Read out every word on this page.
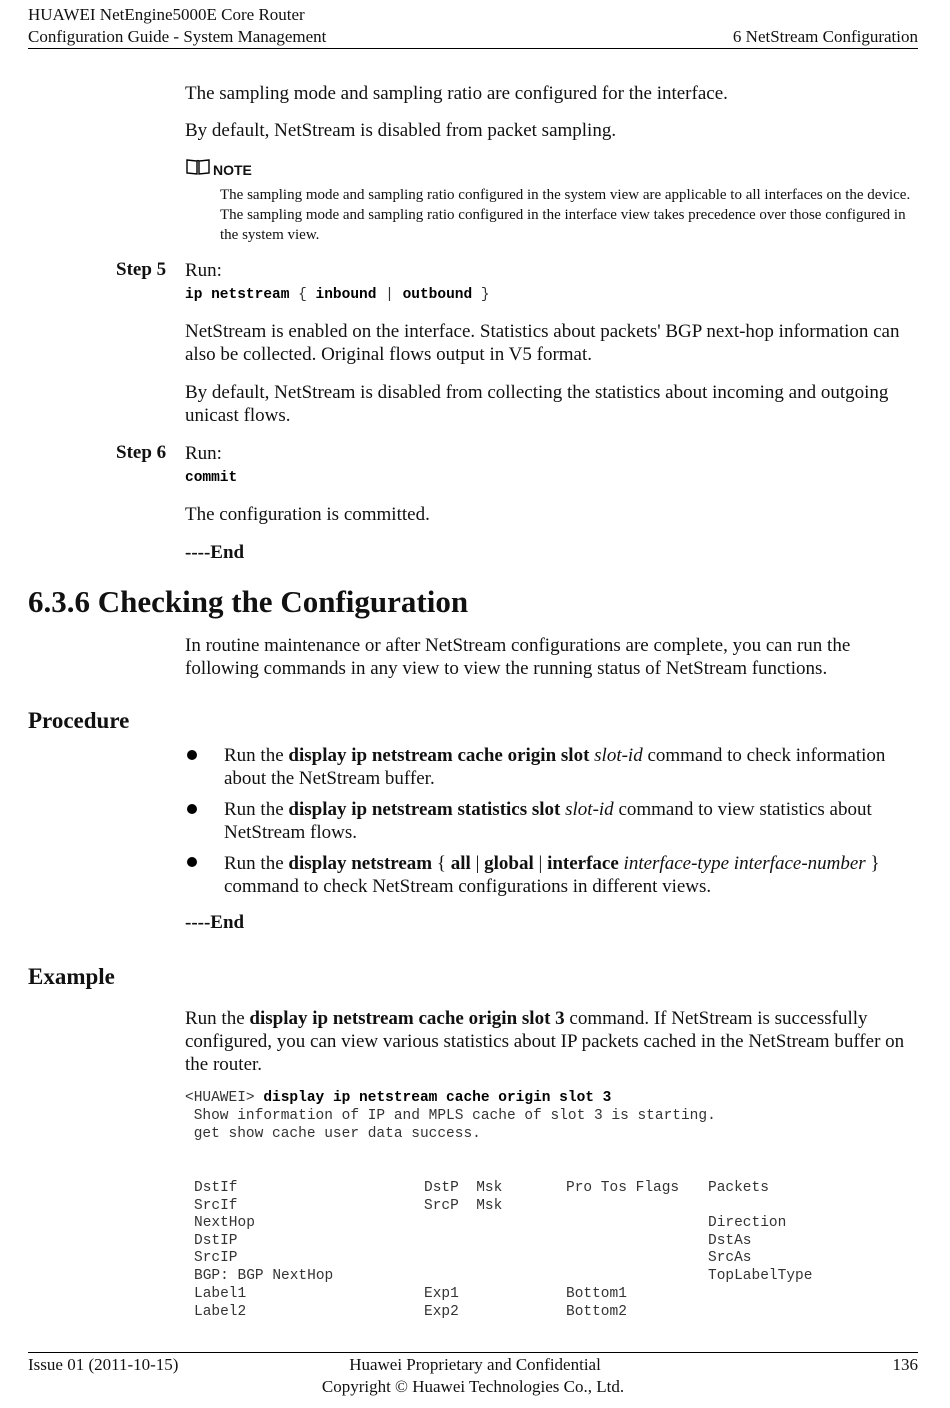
HUAWEI NetEngine5000E Core Router
Configuration Guide - System Management	6 NetStream Configuration
The sampling mode and sampling ratio are configured for the interface.
By default, NetStream is disabled from packet sampling.
NOTE
The sampling mode and sampling ratio configured in the system view are applicable to all interfaces on the device. The sampling mode and sampling ratio configured in the interface view takes precedence over those configured in the system view.
Step 5 Run:
ip netstream { inbound | outbound }
NetStream is enabled on the interface. Statistics about packets' BGP next-hop information can also be collected. Original flows output in V5 format.
By default, NetStream is disabled from collecting the statistics about incoming and outgoing unicast flows.
Step 6 Run:
commit
The configuration is committed.
----End
6.3.6 Checking the Configuration
In routine maintenance or after NetStream configurations are complete, you can run the following commands in any view to view the running status of NetStream functions.
Procedure
Run the display ip netstream cache origin slot slot-id command to check information about the NetStream buffer.
Run the display ip netstream statistics slot slot-id command to view statistics about NetStream flows.
Run the display netstream { all | global | interface interface-type interface-number } command to check NetStream configurations in different views.
----End
Example
Run the display ip netstream cache origin slot 3 command. If NetStream is successfully configured, you can view various statistics about IP packets cached in the NetStream buffer on the router.
<HUAWEI> display ip netstream cache origin slot 3
Show information of IP and MPLS cache of slot 3 is starting.
get show cache user data success.
DstIf
SrcIf
NextHop
DstIP
SrcIP
BGP: BGP NextHop
Label1
Label2
DstP  Msk
SrcP  Msk
Exp1
Exp2
Pro Tos Flags
Bottom1
Bottom2
Packets
Direction
DstAs
SrcAs
TopLabelType
Issue 01 (2011-10-15)	Huawei Proprietary and Confidential
Copyright © Huawei Technologies Co., Ltd.
136
